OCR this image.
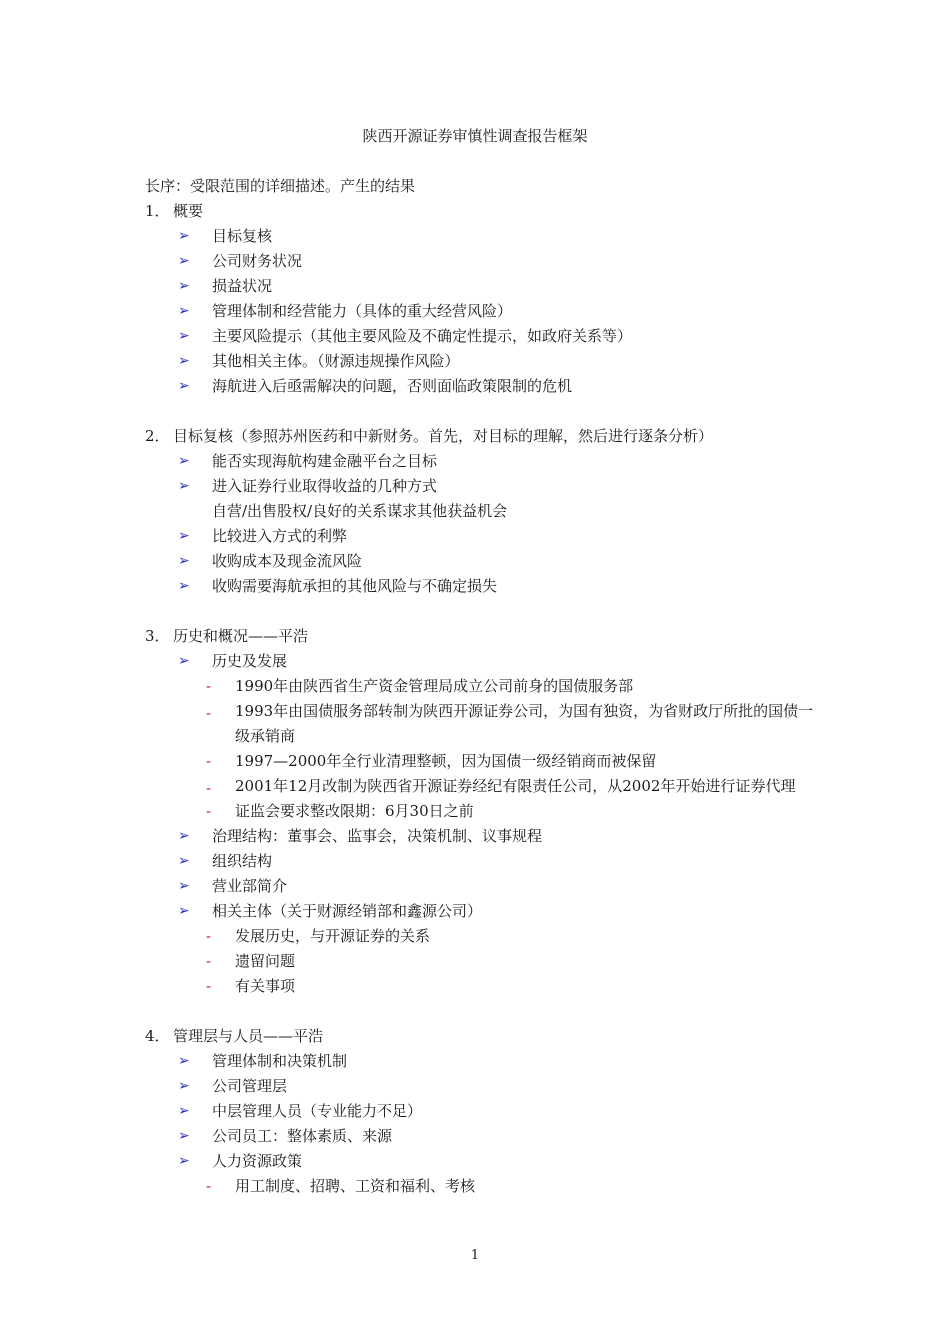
陕西开源证券审慎性调查报告框架
长序：受限范围的详细描述。产生的结果
1． 概要
➢ 目标复核
➢ 公司财务状况
➢ 损益状况
➢ 管理体制和经营能力（具体的重大经营风险）
➢ 主要风险提示（其他主要风险及不确定性提示，如政府关系等）
➢ 其他相关主体。（财源违规操作风险）
➢ 海航进入后亟需解决的问题，否则面临政策限制的危机
2． 目标复核（参照苏州医药和中新财务。首先，对目标的理解，然后进行逐条分析）
➢ 能否实现海航构建金融平台之目标
➢ 进入证券行业取得收益的几种方式
自营/出售股权/良好的关系谋求其他获益机会
➢ 比较进入方式的利弊
➢ 收购成本及现金流风险
➢ 收购需要海航承担的其他风险与不确定损失
3． 历史和概况——平浩
➢ 历史及发展
- 1990年由陕西省生产资金管理局成立公司前身的国债服务部
- 1993年由国债服务部转制为陕西开源证券公司，为国有独资，为省财政厅所批的国债一级承销商
- 1997—2000年全行业清理整顿，因为国债一级经销商而被保留
- 2001年12月改制为陕西省开源证券经纪有限责任公司，从2002年开始进行证券代理
- 证监会要求整改限期：6月30日之前
➢ 治理结构：董事会、监事会，决策机制、议事规程
➢ 组织结构
➢ 营业部简介
➢ 相关主体（关于财源经销部和鑫源公司）
- 发展历史，与开源证券的关系
- 遗留问题
- 有关事项
4． 管理层与人员——平浩
➢ 管理体制和决策机制
➢ 公司管理层
➢ 中层管理人员（专业能力不足）
➢ 公司员工：整体素质、来源
➢ 人力资源政策
- 用工制度、招聘、工资和福利、考核
1
